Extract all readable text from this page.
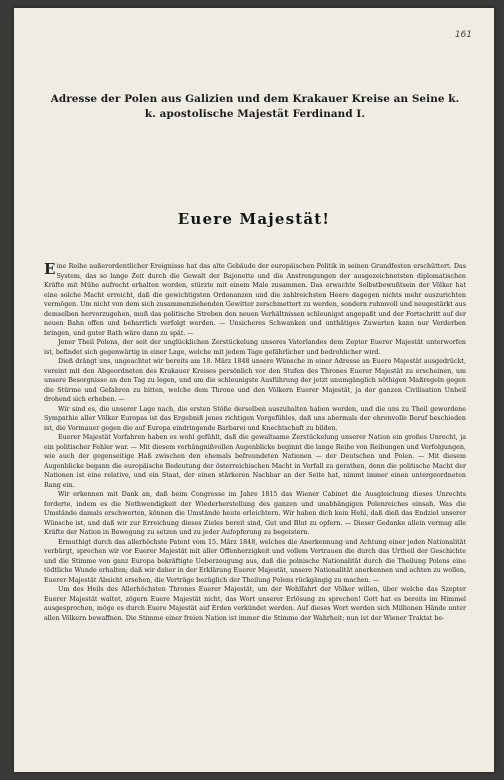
161
Adresse der Polen aus Galizien und dem Krakauer Kreise an Seine k. k. apostolische Majestät Ferdinand I.
Euere Majestät!

Eine Reihe außerordentlicher Ereignisse hat das alte Gebäude der europäischen Politik in seinen Grundfesten erschüttert. Das System, das so lange Zeit durch die Gewalt der Bajonette und die Anstrengungen der ausgezeichnetsten diplomatischen Kräfte mit Mühe aufrecht erhalten worden, stürzte mit einem Male zusammen. Das erwachte Selbstbewußtsein der Völker hat eine solche Macht erreicht, daß die gewichtigsten Ordonanzen und die zahlreichsten Heere dagegen nichts mehr auszurichten vermögen. Um nicht von dem sich zusammenziehenden Gewitter zerschmettert zu werden, sondern ruhmvoll und neugestärkt aus demselben hervorzugehen, muß das politische Streben den neuen Verhältnissen schleunigst angepaßt und der Fortschritt auf der neuen Bahn offen und beharrlich verfolgt werden. — Unsicheres Schwanken und unthätiges Zuwarten kann nur Verderben bringen, und guter Rath wäre dann zu spät. —

Jener Theil Polens, der seit der unglücklichen Zerstückelung unseres Vaterlandes dem Zepter Euerer Majestät unterworfen ist, befindet sich gegenwärtig in einer Lage, welche mit jedem Tage gefährlicher und bedrohlicher wird.

Dieß drängt uns, ungeachtet wir bereits am 18. März 1848 unsere Wünsche in einer Adresse an Euere Majestät ausgedrückt, vereint mit den Abgeordneten des Krakauer Kreises persönlich vor den Stufen des Thrones Euerer Majestät zu erscheinen, um unsere Besorgnisse an den Tag zu legen, und um die schleunigste Ausführung der jetzt unumgänglich nöthigen Maßregeln gegen die Stürme und Gefahren zu bitten, welche dem Throne und den Völkern Euerer Majestät, ja der ganzen Civilisation Unheil drohend sich erheben. —

Wir sind es, die unserer Lage nach, die ersten Stöße derselben auszuhalten haben werden, und die uns zu Theil gewordene Sympathie aller Völker Europas ist das Ergebniß jenes richtigen Vorgefühles, daß uns abermals der ehrenvolle Beruf beschieden ist, die Vormauer gegen die auf Europa eindringende Barbarei und Knechtschaft zu bilden.

Euerer Majestät Vorfahren haben es wohl gefühlt, daß die gewaltsame Zerstückelung unserer Nation ein großes Unrecht, ja ein politischer Fehler war. — Mit diesem verhängnißvollen Augenblicke beginnt die lange Reihe von Reibungen und Verfolgungen, wie auch der gegenseitige Haß zwischen den ehemals befreundeten Nationen — der Deutschen und Polen. — Mit diesem Augenblicke begann die europäische Bedeutung der österreichischen Macht in Verfall zu gerathen, denn die politische Macht der Nationen ist eine relative, und ein Staat, der einen stärkeren Nachbar an der Seite hat, nimmt immer einen untergeordneten Rang ein.

Wir erkennen mit Dank an, daß beim Congresse im Jahre 1815 das Wiener Cabinet die Ausgleichung dieses Unrechts forderte, indem es die Nothwendigkeit der Wiederherstellung des ganzen und unabhängigen Polenreiches einsah. Was die Umstände damals erschwerten, können die Umstände heute erleichtern. Wir haben dich kein Hehl, daß dieß das Endziel unserer Wünsche ist, und daß wir zur Erreichung dieses Zieles bereit sind, Gut und Blut zu opfern. — Dieser Gedanke allein vermag alle Kräfte der Nation in Bewegung zu setzen und zu jeder Aufopferung zu begeistern.

Ermuthigt durch das allerhöchste Patent vom 15. März 1848, welches die Anerkennung und Achtung einer jeden Nationalität verbürgt, sprechen wir vor Euerer Majestät mit aller Offenherzigkeit und vollem Vertrauen die durch das Urtheil der Geschichte und die Stimme von ganz Europa bekräftigte Ueberzeugung aus, daß die polnische Nationalität durch die Theilung Polens eine tödtliche Wunde erhalten; daß wir daher in der Erklärung Euerer Majestät, unsere Nationalität anerkennen und achten zu wollen, Euerer Majestät Absicht ersehen, die Verträge bezüglich der Theilung Polens rückgängig zu machen. —

Um des Heils des Allerhöchsten Thrones Euerer Majestät, um der Wohlfahrt der Völker willen, über welche das Szepter Euerer Majestät waltet, zögern Euere Majestät nicht, das Wort unserer Erlösung zu sprechen! Gott hat es bereits im Himmel ausgesprochen, möge es durch Euere Majestät auf Erden verkündet werden. Auf dieses Wort werden sich Millionen Hände unter allen Völkern bewaffnen. Die Stimme einer freien Nation ist immer die Stimme der Wahrheit; nun ist der Wiener Traktat be-
